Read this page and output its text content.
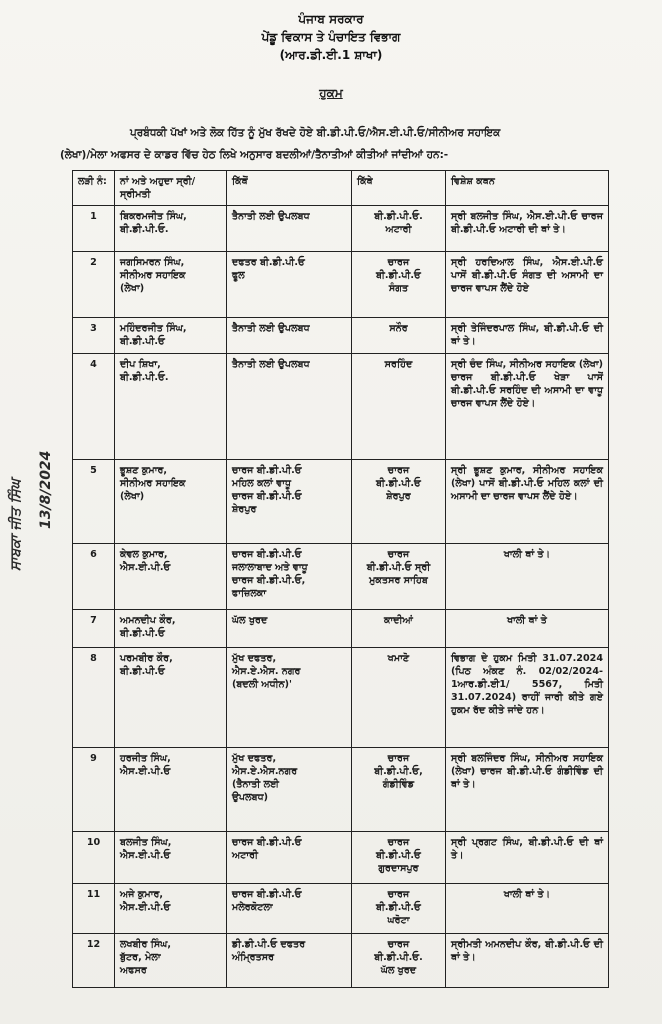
ਪੰਜਾਬ ਸਰਕਾਰ
ਪੇਂਡੂ ਵਿਕਾਸ ਤੇ ਪੰਚਾਇਤ ਵਿਭਾਗ
(ਆਰ.ਡੀ.ਈ.1 ਸ਼ਾਖਾ)
ਹੁਕਮ
ਪ੍ਰਬੰਧਕੀ ਪੱਖਾਂ ਅਤੇ ਲੋਕ ਹਿੱਤ ਨੂੰ ਮੁੱਖ ਰੱਖਦੇ ਹੋਏ ਬੀ.ਡੀ.ਪੀ.ਓ/ਐਸ.ਈ.ਪੀ.ਓ/ਸੀਨੀਅਰ ਸਹਾਇਕ
(ਲੇਖਾ)/ਮੇਲਾ ਅਫਸਰ ਦੇ ਕਾਡਰ ਵਿੱਚ ਹੇਠ ਲਿਖੇ ਅਨੁਸਾਰ ਬਦਲੀਆਂ/ਤੈਨਾਤੀਆਂ ਕੀਤੀਆਂ ਜਾਂਦੀਆਂ ਹਨ:-
ਲੜੀ ਨੰ:	ਨਾਂ ਅਤੇ ਅਹੁਦਾ ਸ੍ਰੀ/ਸ੍ਰੀਮਤੀ	ਕਿੱਥੋਂ	ਕਿੱਥੇ	ਵਿਸ਼ੇਸ਼ ਕਥਨ

1	ਬਿਕਰਮਜੀਤ ਸਿੰਘ,
ਬੀ.ਡੀ.ਪੀ.ਓ.	ਤੈਨਾਤੀ ਲਈ ਉਪਲਬਧ	ਬੀ.ਡੀ.ਪੀ.ਓ.
ਅਟਾਰੀ	ਸ੍ਰੀ ਬਲਜੀਤ ਸਿੰਘ, ਐਸ.ਈ.ਪੀ.ਓ ਚਾਰਜ ਬੀ.ਡੀ.ਪੀ.ਓ ਅਟਾਰੀ ਦੀ ਥਾਂ ਤੇ।

2	ਜਗਸਿਮਰਨ ਸਿੰਘ,
ਸੀਨੀਅਰ ਸਹਾਇਕ
(ਲੇਖਾ)	ਦਫਤਰ ਬੀ.ਡੀ.ਪੀ.ਓ
ਫੂਲ	ਚਾਰਜ
ਬੀ.ਡੀ.ਪੀ.ਓ
ਸੰਗਤ	ਸ੍ਰੀ ਹਰਦਿਆਲ ਸਿੰਘ, ਐਸ.ਈ.ਪੀ.ਓ ਪਾਸੋਂ ਬੀ.ਡੀ.ਪੀ.ਓ ਸੰਗਤ ਦੀ ਅਸਾਮੀ ਦਾ ਚਾਰਜ ਵਾਪਸ ਲੈਂਦੇ ਹੋਏ

3	ਮਹਿੰਦਰਜੀਤ ਸਿੰਘ,
ਬੀ.ਡੀ.ਪੀ.ਓ	ਤੈਨਾਤੀ ਲਈ ਉਪਲਬਧ	ਸਨੌਰ	ਸ੍ਰੀ ਤੇਜਿੰਦਰਪਾਲ ਸਿੰਘ, ਬੀ.ਡੀ.ਪੀ.ਓ ਦੀ ਥਾਂ ਤੇ।

4	ਦੀਪ ਸ਼ਿਖਾ,
ਬੀ.ਡੀ.ਪੀ.ਓ.	ਤੈਨਾਤੀ ਲਈ ਉਪਲਬਧ	ਸਰਹਿੰਦ	ਸ੍ਰੀ ਚੰਦ ਸਿੰਘ, ਸੀਨੀਅਰ ਸਹਾਇਕ (ਲੇਖਾ) ਚਾਰਜ ਬੀ.ਡੀ.ਪੀ.ਓ ਖੇੜਾ ਪਾਸੋਂ ਬੀ.ਡੀ.ਪੀ.ਓ ਸਰਹਿੰਦ ਦੀ ਅਸਾਮੀ ਦਾ ਵਾਧੂ ਚਾਰਜ ਵਾਪਸ ਲੈਂਦੇ ਹੋਏ।

5	ਭੂਸ਼ਣ ਕੁਮਾਰ,
ਸੀਨੀਅਰ ਸਹਾਇਕ
(ਲੇਖਾ)	ਚਾਰਜ ਬੀ.ਡੀ.ਪੀ.ਓ
ਮਹਿਲ ਕਲਾਂ ਵਾਧੂ
ਚਾਰਜ ਬੀ.ਡੀ.ਪੀ.ਓ
ਸ਼ੇਰਪੁਰ	ਚਾਰਜ
ਬੀ.ਡੀ.ਪੀ.ਓ
ਸ਼ੇਰਪੁਰ	ਸ੍ਰੀ ਭੂਸ਼ਣ ਕੁਮਾਰ, ਸੀਨੀਅਰ ਸਹਾਇਕ (ਲੇਖਾ) ਪਾਸੋਂ ਬੀ.ਡੀ.ਪੀ.ਓ ਮਹਿਲ ਕਲਾਂ ਦੀ ਅਸਾਮੀ ਦਾ ਚਾਰਜ ਵਾਪਸ ਲੈਂਦੇ ਹੋਏ।

6	ਕੇਵਲ ਕੁਮਾਰ,
ਐਸ.ਈ.ਪੀ.ਓ	ਚਾਰਜ ਬੀ.ਡੀ.ਪੀ.ਓ
ਜਲਾਲਾਬਾਦ ਅਤੇ ਵਾਧੂ
ਚਾਰਜ ਬੀ.ਡੀ.ਪੀ.ਓ,
ਫਾਜ਼ਿਲਕਾ	ਚਾਰਜ
ਬੀ.ਡੀ.ਪੀ.ਓ ਸ੍ਰੀ
ਮੁਕਤਸਰ ਸਾਹਿਬ	ਖਾਲੀ ਥਾਂ ਤੇ।

7	ਅਮਨਦੀਪ ਕੌਰ,
ਬੀ.ਡੀ.ਪੀ.ਓ	ਘੱਲ ਖੁਰਦ	ਕਾਦੀਆਂ	ਖਾਲੀ ਥਾਂ ਤੇ

8	ਪਰਮਬੀਰ ਕੌਰ,
ਬੀ.ਡੀ.ਪੀ.ਓ	ਮੁੱਖ ਦਫਤਰ,
ਐਸ.ਏ.ਐਸ. ਨਗਰ
(ਬਦਲੀ ਅਧੀਨ)'	ਖਮਾਣੋ	ਵਿਭਾਗ ਦੇ ਹੁਕਮ ਮਿਤੀ 31.07.2024 (ਪਿਠ ਅੰਕਣ ਨੰ. 02/02/2024-1ਆਰ.ਡੀ.ਈ1/ 5567, ਮਿਤੀ 31.07.2024) ਰਾਹੀਂ ਜਾਰੀ ਕੀਤੇ ਗਏ ਹੁਕਮ ਰੱਦ ਕੀਤੇ ਜਾਂਦੇ ਹਨ।

9	ਹਰਜੀਤ ਸਿੰਘ,
ਐਸ.ਈ.ਪੀ.ਓ	ਮੁੱਖ ਦਫਤਰ,
ਐਸ.ਏ.ਐਸ.ਨਗਰ
(ਤੈਨਾਤੀ ਲਈ
ਉਪਲਬਧ)	ਚਾਰਜ
ਬੀ.ਡੀ.ਪੀ.ਓ,
ਗੰਡੀਵਿੰਡ	ਸ੍ਰੀ ਬਲਜਿੰਦਰ ਸਿੰਘ, ਸੀਨੀਅਰ ਸਹਾਇਕ (ਲੇਖਾ) ਚਾਰਜ ਬੀ.ਡੀ.ਪੀ.ਓ ਗੰਡੀਵਿੰਡ ਦੀ ਥਾਂ ਤੇ।

10	ਬਲਜੀਤ ਸਿੰਘ,
ਐਸ.ਈ.ਪੀ.ਓ	ਚਾਰਜ ਬੀ.ਡੀ.ਪੀ.ਓ
ਅਟਾਰੀ	ਚਾਰਜ
ਬੀ.ਡੀ.ਪੀ.ਓ
ਗੁਰਦਾਸਪੁਰ	ਸ੍ਰੀ ਪ੍ਰਗਟ ਸਿੰਘ, ਬੀ.ਡੀ.ਪੀ.ਓ ਦੀ ਥਾਂ ਤੇ।

11	ਅਜੇ ਕੁਮਾਰ,
ਐਸ.ਈ.ਪੀ.ਓ	ਚਾਰਜ ਬੀ.ਡੀ.ਪੀ.ਓ
ਮਲੇਰਕੋਟਲਾ	ਚਾਰਜ
ਬੀ.ਡੀ.ਪੀ.ਓ
ਘਰੋਟਾ	ਖਾਲੀ ਥਾਂ ਤੇ।

12	ਲਖਬੀਰ ਸਿੰਘ,
ਬੁੱਟਰ, ਮੇਲਾ
ਅਫਸਰ	ਡੀ.ਡੀ.ਪੀ.ਓ ਦਫਤਰ
ਅੰਮ੍ਰਿਤਸਰ	ਚਾਰਜ
ਬੀ.ਡੀ.ਪੀ.ਓ.
ਘੱਲ ਖੁਰਦ	ਸ੍ਰੀਮਤੀ ਅਮਨਦੀਪ ਕੌਰ, ਬੀ.ਡੀ.ਪੀ.ਓ ਦੀ ਥਾਂ ਤੇ।
ਸਾਬਕਾ ਜੀਤ ਸਿੰਘ	13/8/2024
